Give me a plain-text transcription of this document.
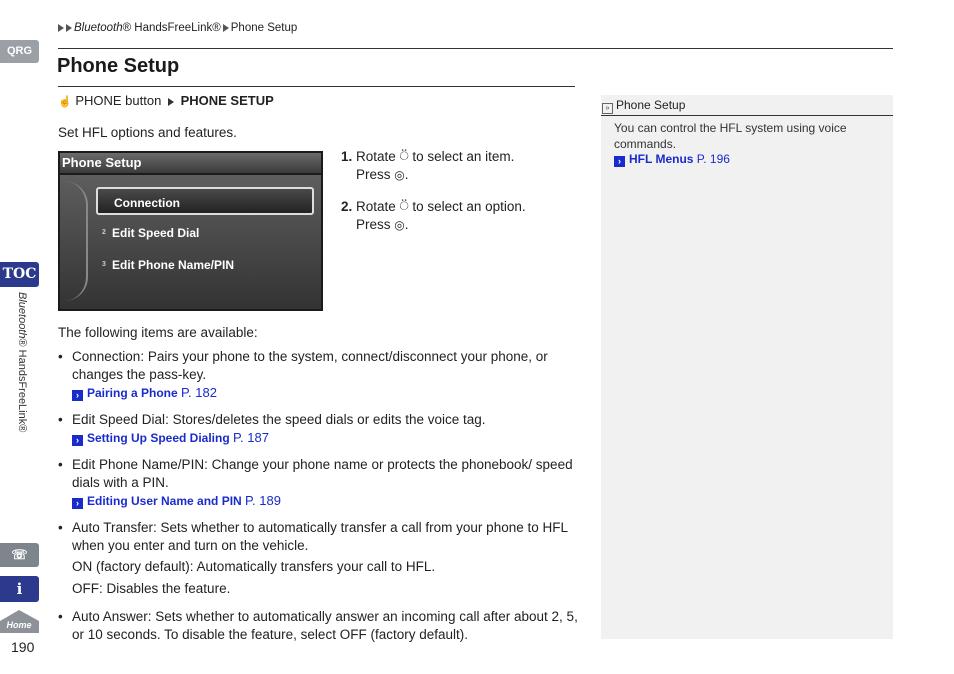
QRG
TOC
Bluetooth® HandsFreeLink®
☏
i
Home
190
Bluetooth® HandsFreeLink® Phone Setup
Phone Setup
☝ PHONE button PHONE SETUP
Set HFL options and features.
Phone Setup
Connection
2 Edit Speed Dial
3 Edit Phone Name/PIN
1. Rotate ⍥ to select an item.
Press ◎.
2. Rotate ⍥ to select an option.
Press ◎.
The following items are available:
• Connection: Pairs your phone to the system, connect/disconnect your phone, or changes the pass-key.
› Pairing a Phone P. 182
• Edit Speed Dial: Stores/deletes the speed dials or edits the voice tag.
› Setting Up Speed Dialing P. 187
• Edit Phone Name/PIN: Change your phone name or protects the phonebook/ speed dials with a PIN.
› Editing User Name and PIN P. 189
• Auto Transfer: Sets whether to automatically transfer a call from your phone to HFL when you enter and turn on the vehicle.
ON (factory default): Automatically transfers your call to HFL.
OFF: Disables the feature.
• Auto Answer: Sets whether to automatically answer an incoming call after about 2, 5, or 10 seconds. To disable the feature, select OFF (factory default).
» Phone Setup
You can control the HFL system using voice commands.
› HFL Menus P. 196
